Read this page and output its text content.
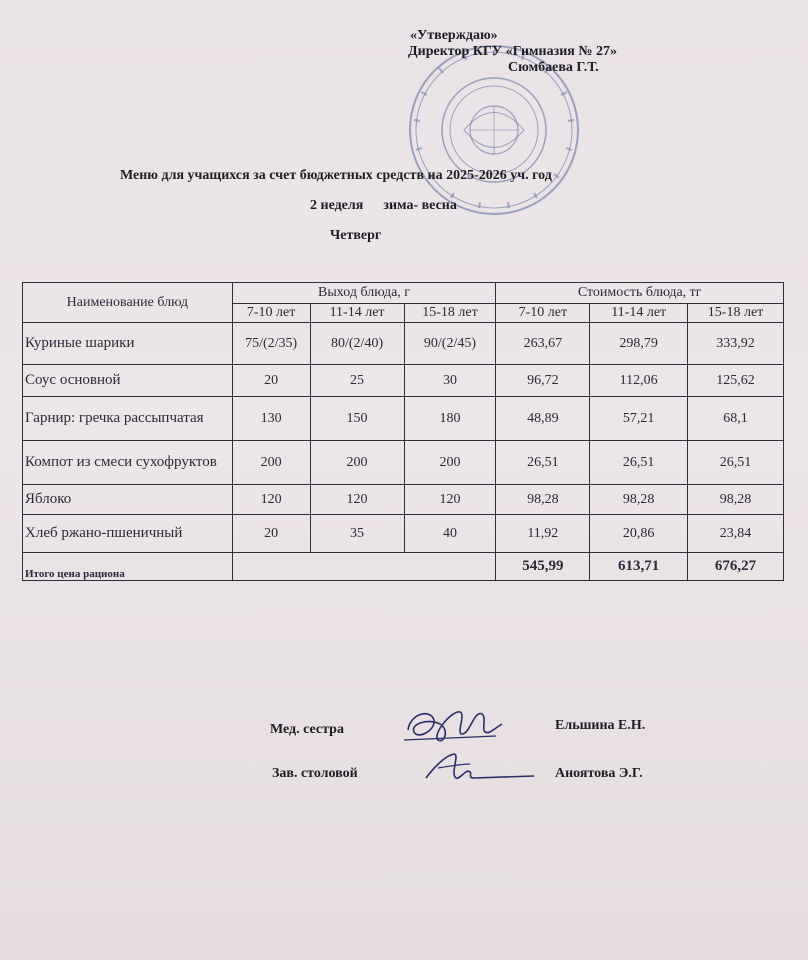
«Утверждаю»
Директор КГУ «Гимназия № 27»
Сюмбаева Г.Т.
Меню для учащихся за счет бюджетных средств на 2025-2026 уч. год
2 неделя зима- весна
Четверг
Наименование блюд	Выход блюда, г			Стоимость блюда, тг		
	7-10 лет	11-14 лет	15-18 лет	7-10 лет	11-14 лет	15-18 лет
Куриные шарики	75/(2/35)	80/(2/40)	90/(2/45)	263,67	298,79	333,92
Соус основной	20	25	30	96,72	112,06	125,62
Гарнир: гречка рассыпчатая	130	150	180	48,89	57,21	68,1
Компот из смеси сухофруктов	200	200	200	26,51	26,51	26,51
Яблоко	120	120	120	98,28	98,28	98,28
Хлеб ржано-пшеничный	20	35	40	11,92	20,86	23,84
Итого цена рациона				545,99	613,71	676,27
Мед. сестра	Ельшина Е.Н.
Зав. столовой	Аноятова Э.Г.
